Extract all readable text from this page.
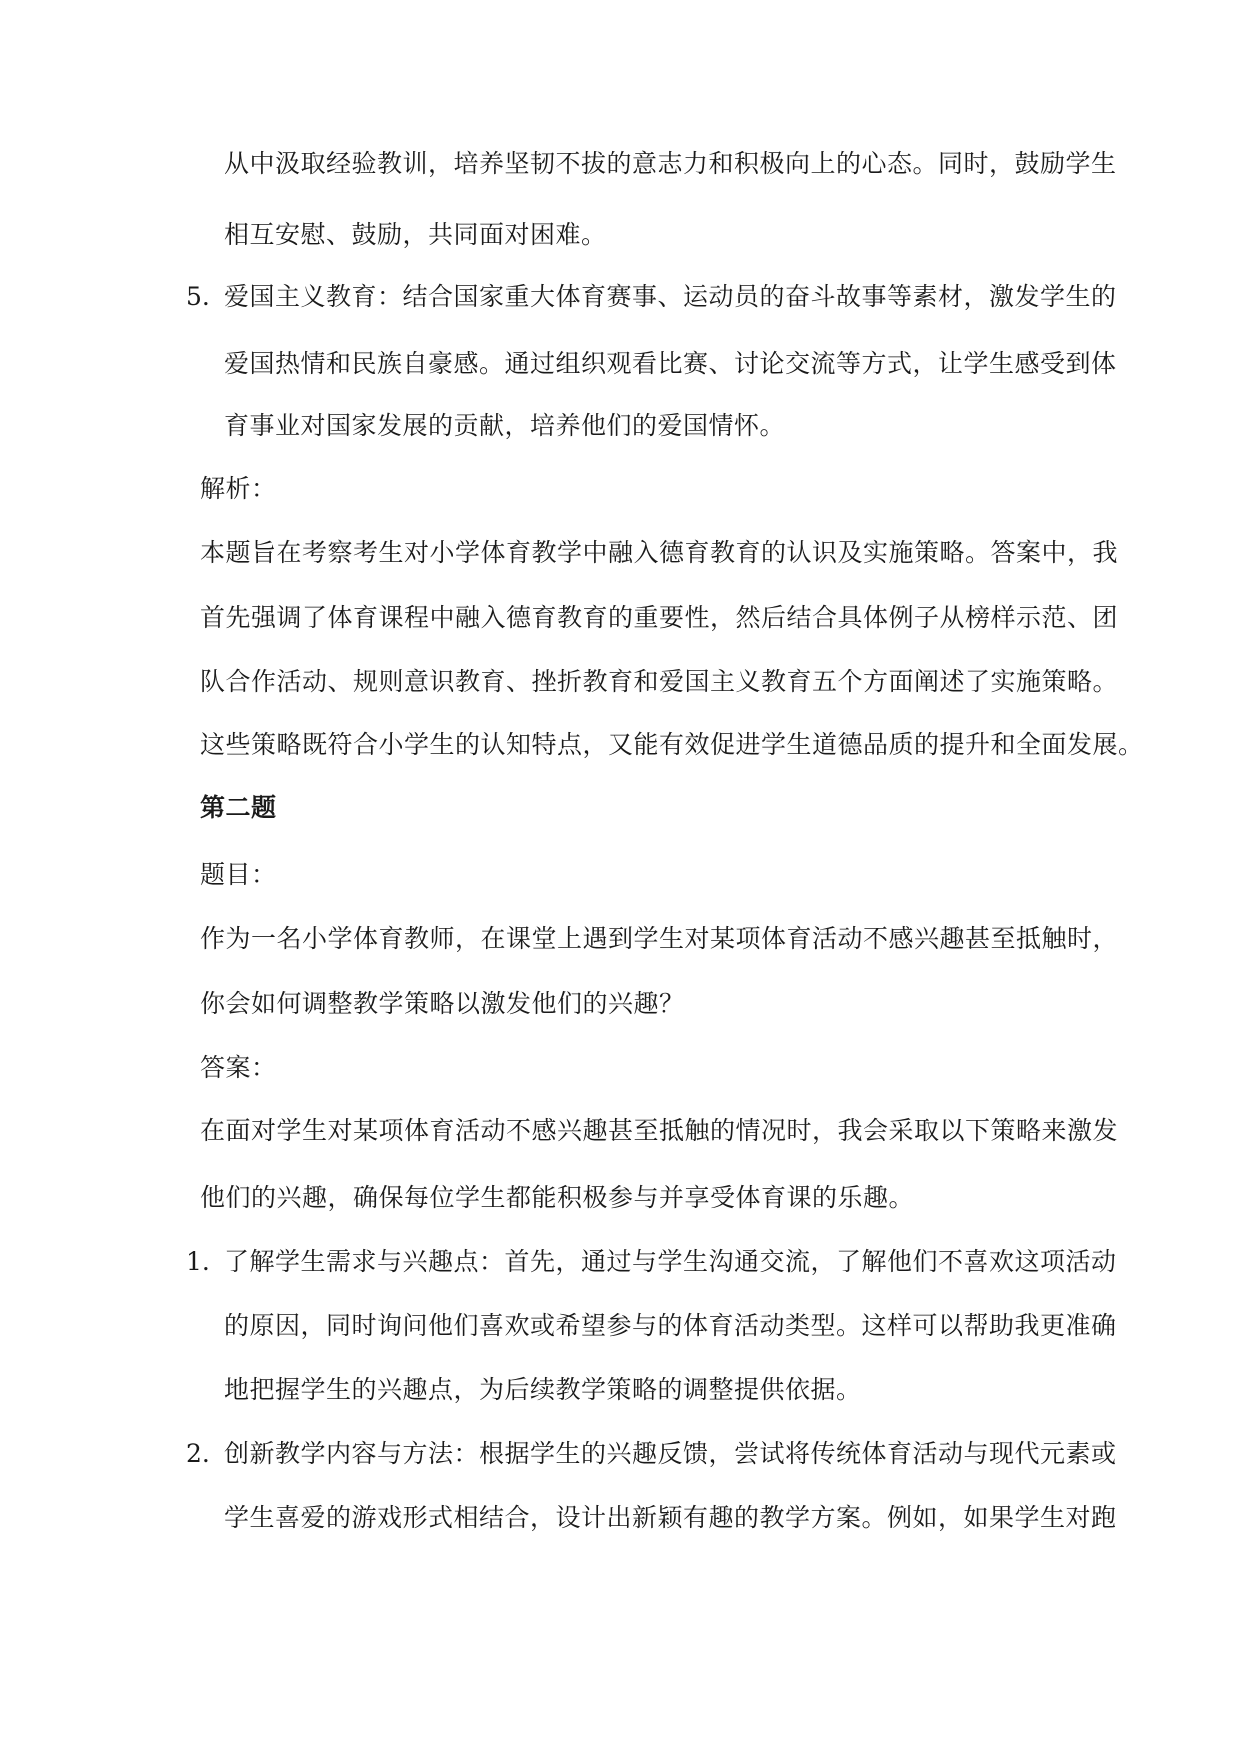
从中汲取经验教训，培养坚韧不拔的意志力和积极向上的心态。同时，鼓励学生
相互安慰、鼓励，共同面对困难。
5. 爱国主义教育：结合国家重大体育赛事、运动员的奋斗故事等素材，激发学生的
爱国热情和民族自豪感。通过组织观看比赛、讨论交流等方式，让学生感受到体
育事业对国家发展的贡献，培养他们的爱国情怀。
解析：
本题旨在考察考生对小学体育教学中融入德育教育的认识及实施策略。答案中，我
首先强调了体育课程中融入德育教育的重要性，然后结合具体例子从榜样示范、团
队合作活动、规则意识教育、挫折教育和爱国主义教育五个方面阐述了实施策略。
这些策略既符合小学生的认知特点，又能有效促进学生道德品质的提升和全面发展。
第二题
题目：
作为一名小学体育教师，在课堂上遇到学生对某项体育活动不感兴趣甚至抵触时，
你会如何调整教学策略以激发他们的兴趣？
答案：
在面对学生对某项体育活动不感兴趣甚至抵触的情况时，我会采取以下策略来激发
他们的兴趣，确保每位学生都能积极参与并享受体育课的乐趣。
1. 了解学生需求与兴趣点：首先，通过与学生沟通交流，了解他们不喜欢这项活动
的原因，同时询问他们喜欢或希望参与的体育活动类型。这样可以帮助我更准确
地把握学生的兴趣点，为后续教学策略的调整提供依据。
2. 创新教学内容与方法：根据学生的兴趣反馈，尝试将传统体育活动与现代元素或
学生喜爱的游戏形式相结合，设计出新颖有趣的教学方案。例如，如果学生对跑
